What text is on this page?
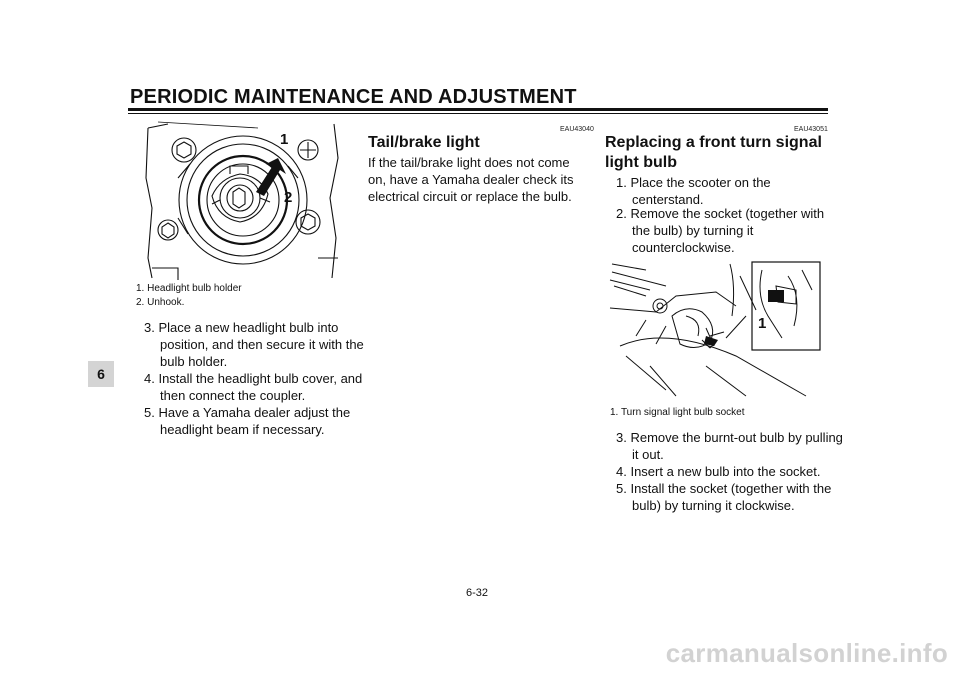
PERIODIC MAINTENANCE AND ADJUSTMENT
6
1
2
1. Headlight bulb holder
2. Unhook.
3. Place a new headlight bulb into position, and then secure it with the bulb holder.
4. Install the headlight bulb cover, and then connect the coupler.
5. Have a Yamaha dealer adjust the headlight beam if necessary.
EAU43040
Tail/brake light
If the tail/brake light does not come on, have a Yamaha dealer check its electrical circuit or replace the bulb.
EAU43051
Replacing a front turn signal light bulb
1. Place the scooter on the centerstand.
2. Remove the socket (together with the bulb) by turning it counterclockwise.
1
1. Turn signal light bulb socket
3. Remove the burnt-out bulb by pulling it out.
4. Insert a new bulb into the socket.
5. Install the socket (together with the bulb) by turning it clockwise.
6-32
carmanualsonline.info
